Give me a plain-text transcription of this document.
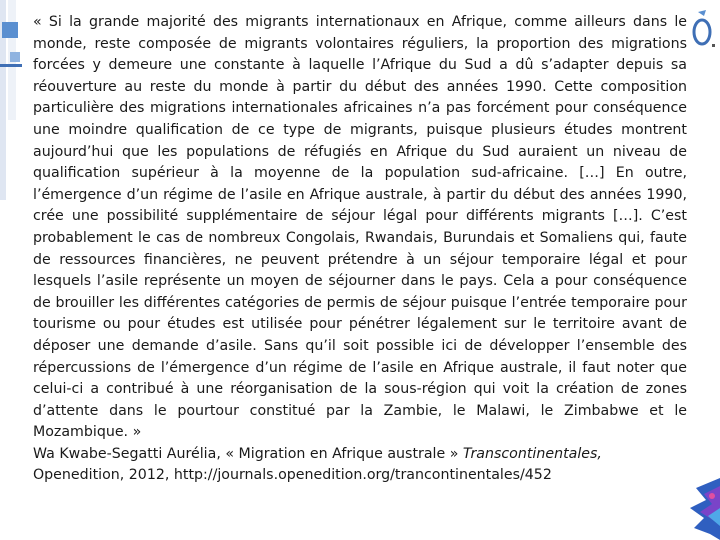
« Si la grande majorité des migrants internationaux en Afrique, comme ailleurs dans le monde, reste composée de migrants volontaires réguliers, la proportion des migrations forcées y demeure une constante à laquelle l’Afrique du Sud a dû s’adapter depuis sa réouverture au reste du monde à partir du début des années 1990. Cette composition particulière des migrations internationales africaines n’a pas forcément pour conséquence une moindre qualification de ce type de migrants, puisque plusieurs études montrent aujourd’hui que les populations de réfugiés en Afrique du Sud auraient un niveau de qualification supérieur à la moyenne de la population sud-africaine. […] En outre, l’émergence d’un régime de l’asile en Afrique australe, à partir du début des années 1990, crée une possibilité supplémentaire de séjour légal pour différents migrants […]. C’est probablement le cas de nombreux Congolais, Rwandais, Burundais et Somaliens qui, faute de ressources financières, ne peuvent prétendre à un séjour temporaire légal et pour lesquels l’asile représente un moyen de séjourner dans le pays. Cela a pour conséquence de brouiller les différentes catégories de permis de séjour puisque l’entrée temporaire pour tourisme ou pour études est utilisée pour pénétrer légalement sur le territoire avant de déposer une demande d’asile. Sans qu’il soit possible ici de développer l’ensemble des répercussions de l’émergence d’un régime de l’asile en Afrique australe, il faut noter que celui-ci a contribué à une réorganisation de la sous-région qui voit la création de zones d’attente dans le pourtour constitué par la Zambie, le Malawi, le Zimbabwe et le Mozambique. »

Wa Kwabe-Segatti Aurélia, « Migration en Afrique australe » Transcontinentales, Openedition, 2012, http://journals.openedition.org/trancontinentales/452
